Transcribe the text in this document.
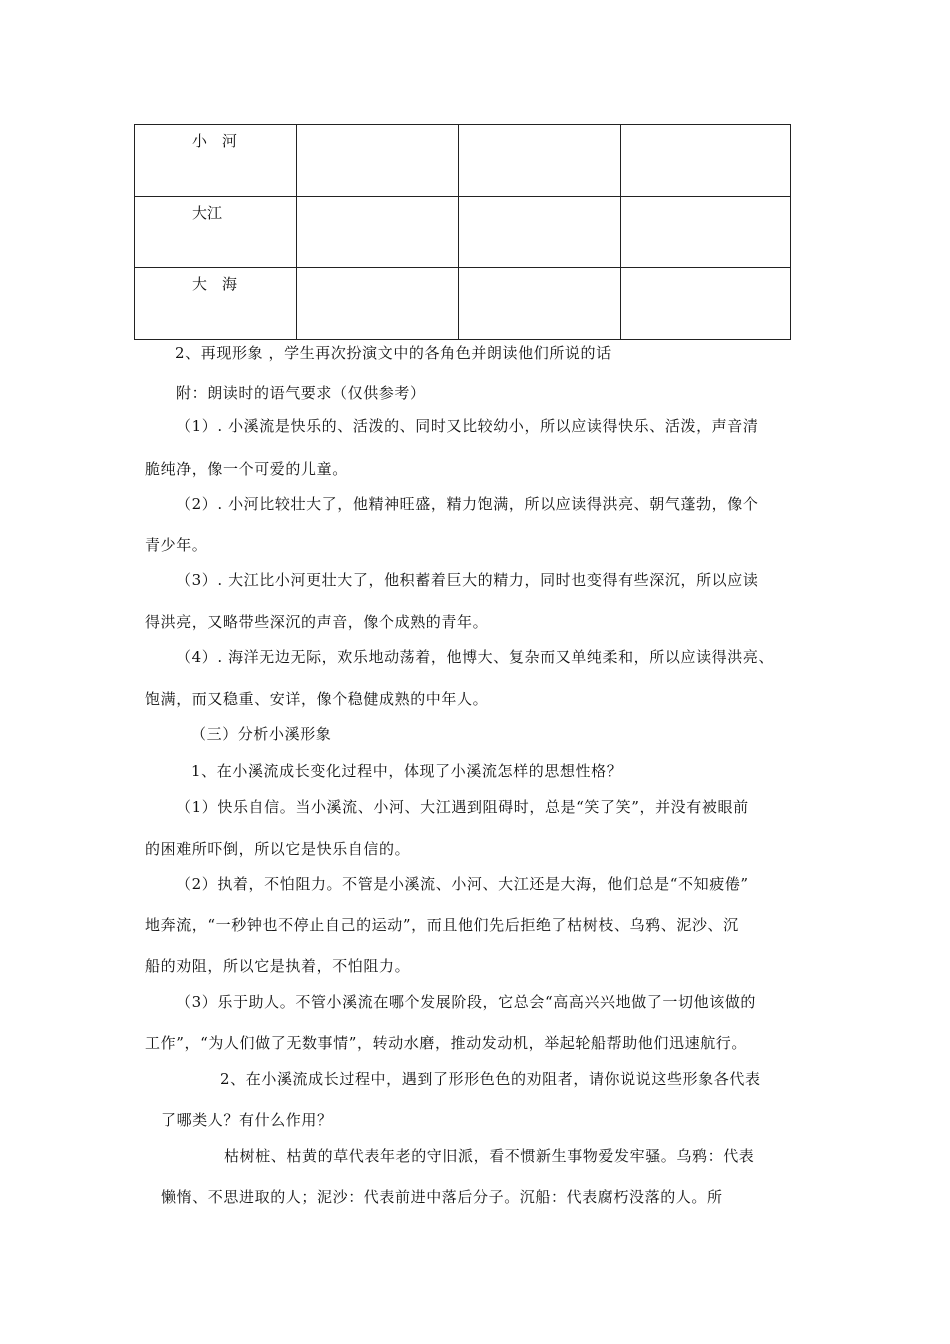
小　河			

大江			

大　海			

2、再现形象 ，学生再次扮演文中的各角色并朗读他们所说的话

附：朗读时的语气要求（仅供参考）

（1）. 小溪流是快乐的、活泼的、同时又比较幼小，所以应读得快乐、活泼，声音清

脆纯净，像一个可爱的儿童。

（2）. 小河比较壮大了，他精神旺盛，精力饱满，所以应读得洪亮、朝气蓬勃，像个

青少年。

（3）. 大江比小河更壮大了，他积蓄着巨大的精力，同时也变得有些深沉，所以应读

得洪亮，又略带些深沉的声音，像个成熟的青年。

（4）. 海洋无边无际，欢乐地动荡着，他博大、复杂而又单纯柔和，所以应读得洪亮、

饱满，而又稳重、安详，像个稳健成熟的中年人。

（三）分析小溪形象

1、在小溪流成长变化过程中，体现了小溪流怎样的思想性格？

（1）快乐自信。当小溪流、小河、大江遇到阻碍时，总是“笑了笑”，并没有被眼前

的困难所吓倒，所以它是快乐自信的。

（2）执着，不怕阻力。不管是小溪流、小河、大江还是大海，他们总是“不知疲倦”

地奔流，“一秒钟也不停止自己的运动”，而且他们先后拒绝了枯树枝、乌鸦、泥沙、沉

船的劝阻，所以它是执着，不怕阻力。

（3）乐于助人。不管小溪流在哪个发展阶段，它总会“高高兴兴地做了一切他该做的

工作”，“为人们做了无数事情”，转动水磨，推动发动机，举起轮船帮助他们迅速航行。

2、在小溪流成长过程中，遇到了形形色色的劝阻者，请你说说这些形象各代表

了哪类人？有什么作用？

枯树桩、枯黄的草代表年老的守旧派，看不惯新生事物爱发牢骚。乌鸦：代表

懒惰、不思进取的人；泥沙：代表前进中落后分子。沉船：代表腐朽没落的人。所
